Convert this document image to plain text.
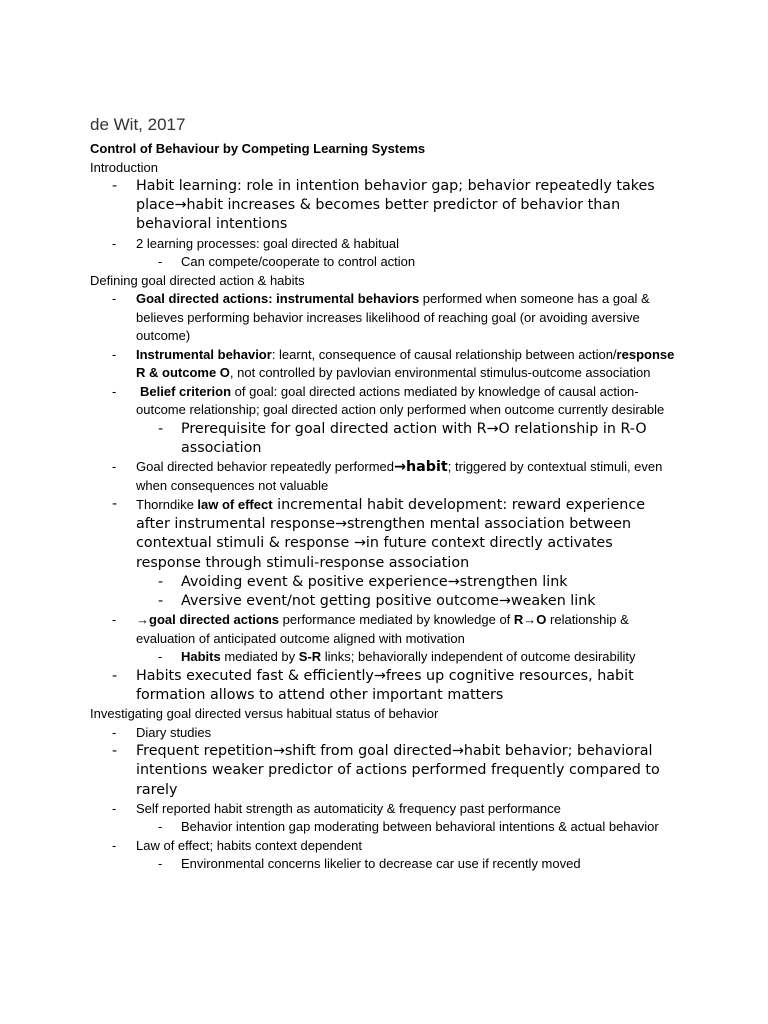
de Wit, 2017
Control of Behaviour by Competing Learning Systems
Introduction
- Habit learning: role in intention behavior gap; behavior repeatedly takes place→habit increases & becomes better predictor of behavior than behavioral intentions
- 2 learning processes: goal directed & habitual
- Can compete/cooperate to control action
Defining goal directed action & habits
- Goal directed actions: instrumental behaviors performed when someone has a goal & believes performing behavior increases likelihood of reaching goal (or avoiding aversive outcome)
- Instrumental behavior: learnt, consequence of causal relationship between action/response R & outcome O, not controlled by pavlovian environmental stimulus-outcome association
- Belief criterion of goal: goal directed actions mediated by knowledge of causal action-outcome relationship; goal directed action only performed when outcome currently desirable
- Prerequisite for goal directed action with R→O relationship in R-O association
- Goal directed behavior repeatedly performed→habit; triggered by contextual stimuli, even when consequences not valuable
- Thorndike law of effect incremental habit development: reward experience after instrumental response→strengthen mental association between contextual stimuli & response →in future context directly activates response through stimuli-response association
- Avoiding event & positive experience→strengthen link
- Aversive event/not getting positive outcome→weaken link
- →goal directed actions performance mediated by knowledge of R→O relationship & evaluation of anticipated outcome aligned with motivation
- Habits mediated by S-R links; behaviorally independent of outcome desirability
- Habits executed fast & efficiently→frees up cognitive resources, habit formation allows to attend other important matters
Investigating goal directed versus habitual status of behavior
- Diary studies
- Frequent repetition→shift from goal directed→habit behavior; behavioral intentions weaker predictor of actions performed frequently compared to rarely
- Self reported habit strength as automaticity & frequency past performance
- Behavior intention gap moderating between behavioral intentions & actual behavior
- Law of effect; habits context dependent
- Environmental concerns likelier to decrease car use if recently moved
